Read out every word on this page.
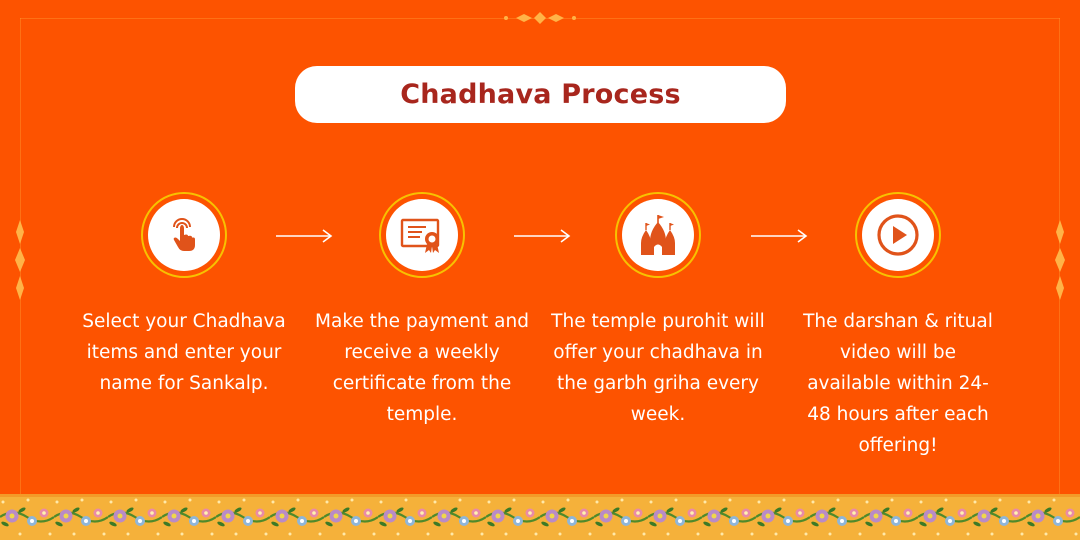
Chadhava Process
Select your Chadhava items and enter your name for Sankalp.
Make the payment and receive a weekly certificate from the temple.
The temple purohit will offer your chadhava in the garbh griha every week.
The darshan & ritual video will be available within 24-48 hours after each offering!
